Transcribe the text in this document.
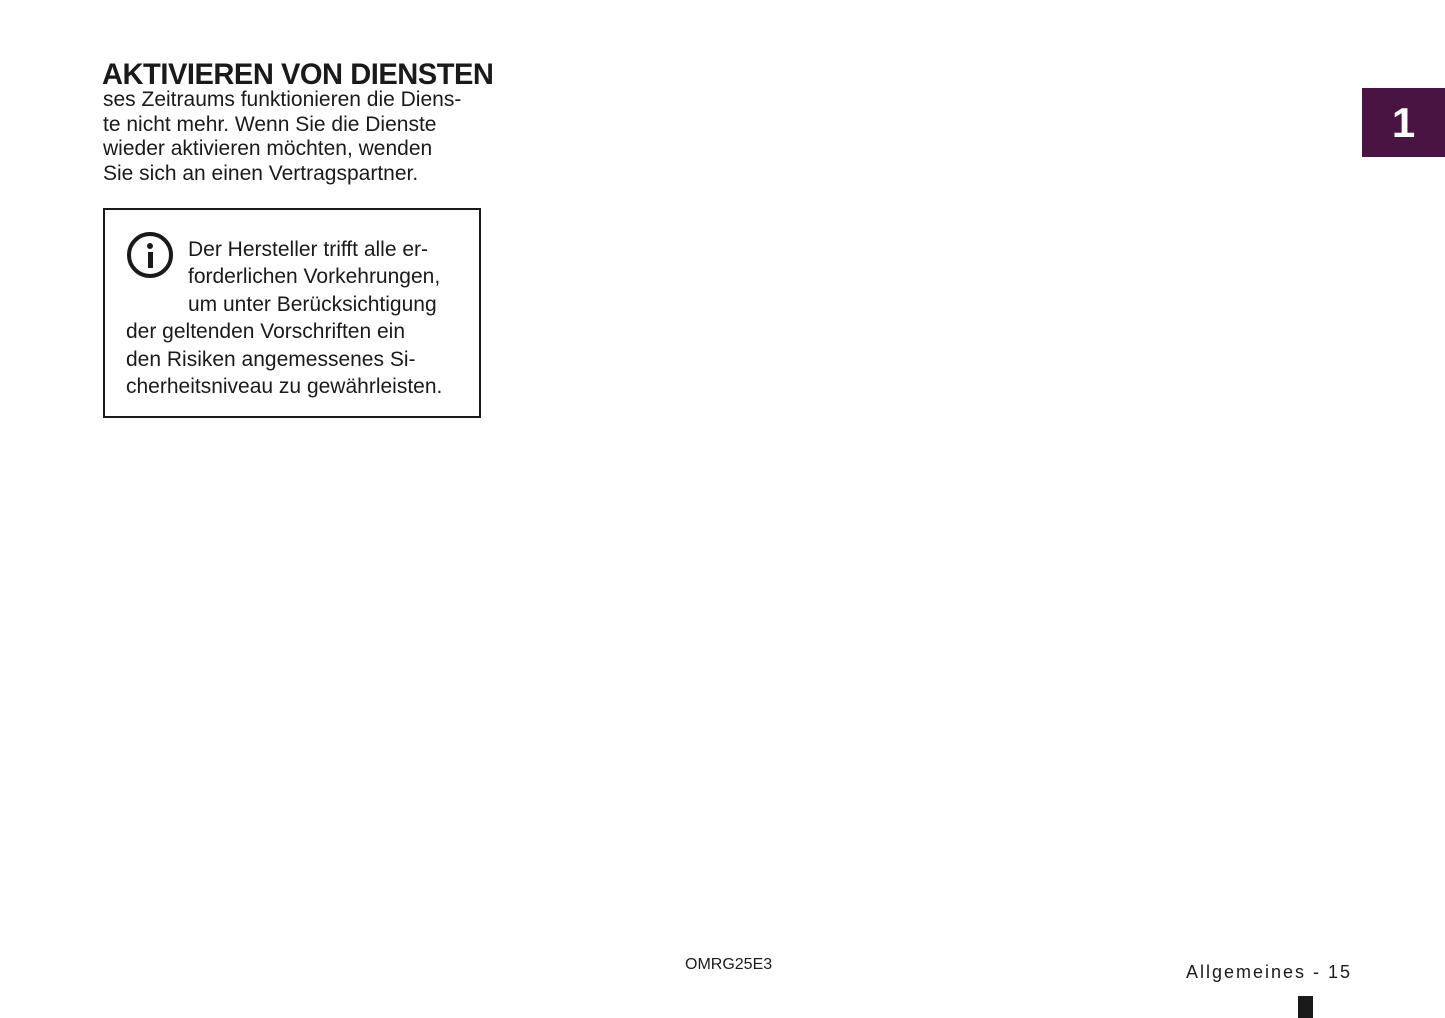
AKTIVIEREN VON DIENSTEN
ses Zeitraums funktionieren die Diens-
te nicht mehr. Wenn Sie die Dienste
wieder aktivieren möchten, wenden
Sie sich an einen Vertragspartner.
Der Hersteller trifft alle er-
forderlichen Vorkehrungen,
um unter Berücksichtigung
der geltenden Vorschriften ein
den Risiken angemessenes Si-
cherheitsniveau zu gewährleisten.
1
OMRG25E3	Allgemeines - 15
